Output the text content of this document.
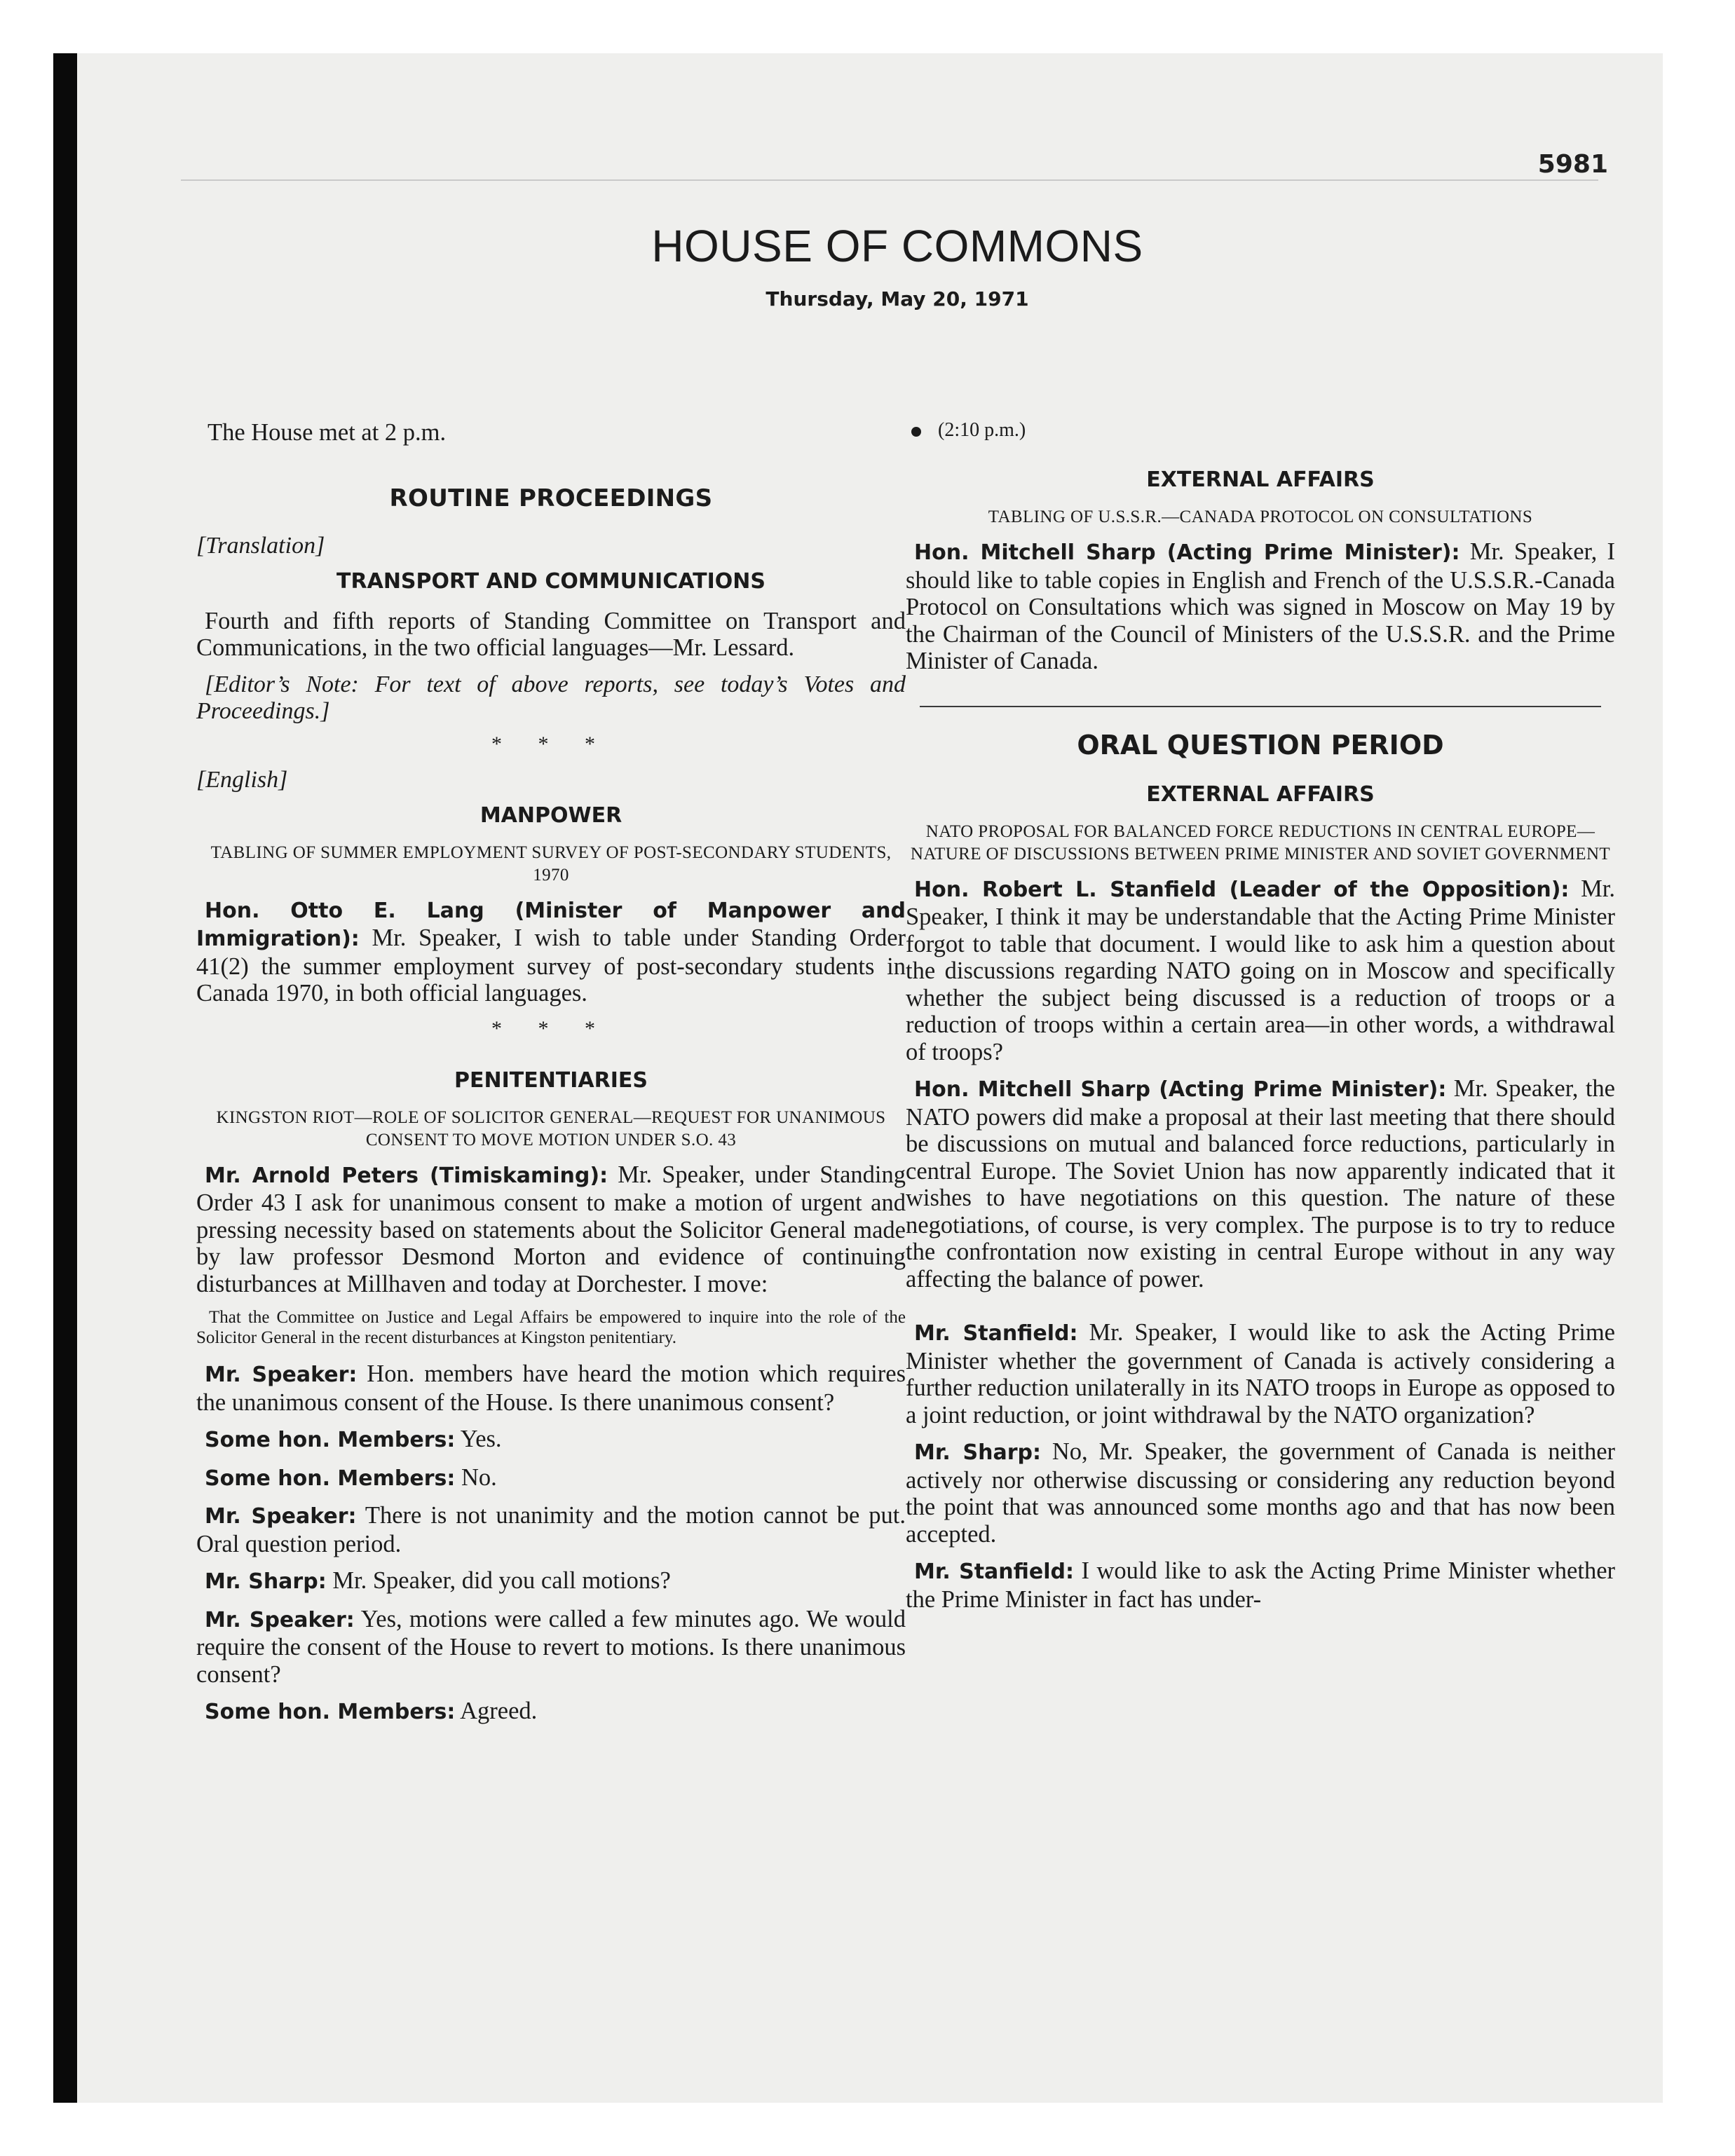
5981
HOUSE OF COMMONS
Thursday, May 20, 1971

The House met at 2 p.m.

ROUTINE PROCEEDINGS
[Translation]
TRANSPORT AND COMMUNICATIONS

Fourth and fifth reports of Standing Committee on Transport and Communications, in the two official languages—Mr. Lessard.

[Editor’s Note: For text of above reports, see today’s Votes and Proceedings.]
* * *
[English]
MANPOWER
TABLING OF SUMMER EMPLOYMENT SURVEY OF POST-SECONDARY STUDENTS, 1970

Hon. Otto E. Lang (Minister of Manpower and Immigration): Mr. Speaker, I wish to table under Standing Order 41(2) the summer employment survey of post-secondary students in Canada 1970, in both official languages.

* * *
PENITENTIARIES
KINGSTON RIOT—ROLE OF SOLICITOR GENERAL—REQUEST FOR UNANIMOUS CONSENT TO MOVE MOTION UNDER S.O. 43

Mr. Arnold Peters (Timiskaming): Mr. Speaker, under Standing Order 43 I ask for unanimous consent to make a motion of urgent and pressing necessity based on statements about the Solicitor General made by law professor Desmond Morton and evidence of continuing disturbances at Millhaven and today at Dorchester. I move:

That the Committee on Justice and Legal Affairs be empowered to inquire into the role of the Solicitor General in the recent disturbances at Kingston penitentiary.

Mr. Speaker: Hon. members have heard the motion which requires the unanimous consent of the House. Is there unanimous consent?

Some hon. Members: Yes.

Some hon. Members: No.

Mr. Speaker: There is not unanimity and the motion cannot be put. Oral question period.

Mr. Sharp: Mr. Speaker, did you call motions?

Mr. Speaker: Yes, motions were called a few minutes ago. We would require the consent of the House to revert to motions. Is there unanimous consent?

Some hon. Members: Agreed.

(2:10 p.m.)
EXTERNAL AFFAIRS
TABLING OF U.S.S.R.—CANADA PROTOCOL ON CONSULTATIONS

Hon. Mitchell Sharp (Acting Prime Minister): Mr. Speaker, I should like to table copies in English and French of the U.S.S.R.-Canada Protocol on Consultations which was signed in Moscow on May 19 by the Chairman of the Council of Ministers of the U.S.S.R. and the Prime Minister of Canada.

ORAL QUESTION PERIOD
EXTERNAL AFFAIRS
NATO PROPOSAL FOR BALANCED FORCE REDUCTIONS IN CENTRAL EUROPE—NATURE OF DISCUSSIONS BETWEEN PRIME MINISTER AND SOVIET GOVERNMENT

Hon. Robert L. Stanfield (Leader of the Opposition): Mr. Speaker, I think it may be understandable that the Acting Prime Minister forgot to table that document. I would like to ask him a question about the discussions regarding NATO going on in Moscow and specifically whether the subject being discussed is a reduction of troops or a reduction of troops within a certain area—in other words, a withdrawal of troops?

Hon. Mitchell Sharp (Acting Prime Minister): Mr. Speaker, the NATO powers did make a proposal at their last meeting that there should be discussions on mutual and balanced force reductions, particularly in central Europe. The Soviet Union has now apparently indicated that it wishes to have negotiations on this question. The nature of these negotiations, of course, is very complex. The purpose is to try to reduce the confrontation now existing in central Europe without in any way affecting the balance of power.

Mr. Stanfield: Mr. Speaker, I would like to ask the Acting Prime Minister whether the government of Canada is actively considering a further reduction unilaterally in its NATO troops in Europe as opposed to a joint reduction, or joint withdrawal by the NATO organization?

Mr. Sharp: No, Mr. Speaker, the government of Canada is neither actively nor otherwise discussing or considering any reduction beyond the point that was announced some months ago and that has now been accepted.

Mr. Stanfield: I would like to ask the Acting Prime Minister whether the Prime Minister in fact has under-
